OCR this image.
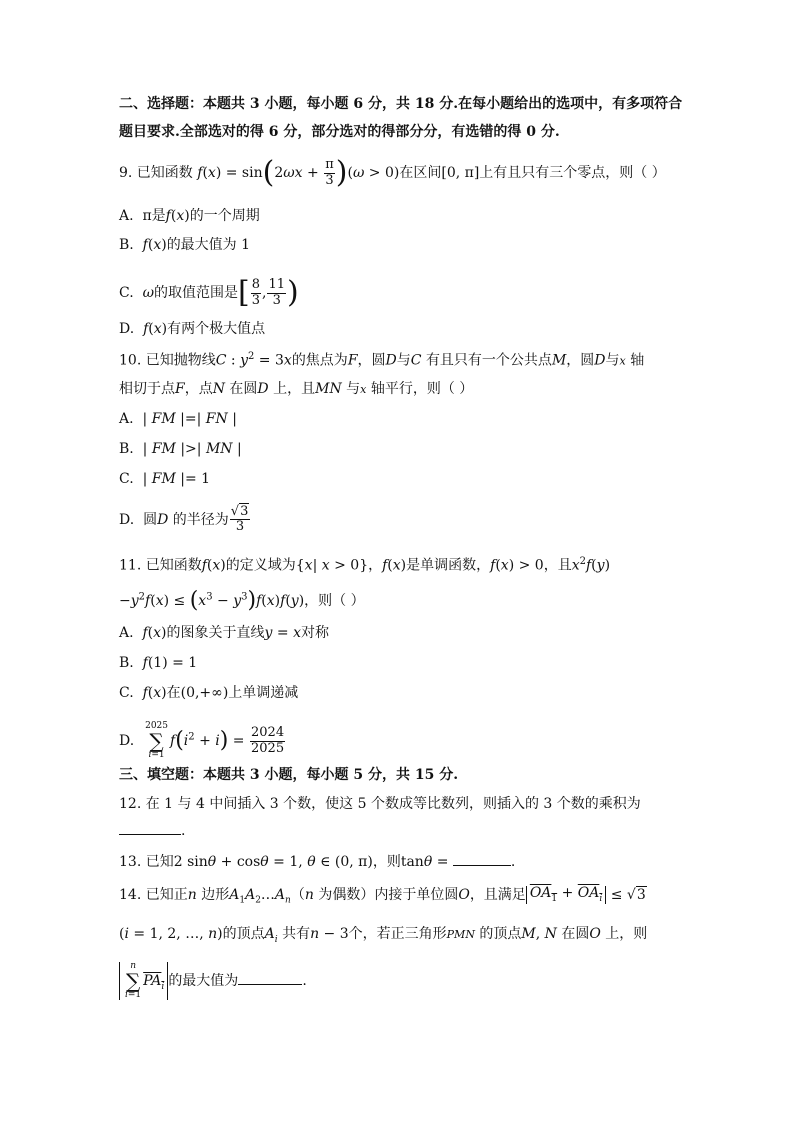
二、选择题：本题共 3 小题，每小题 6 分，共 18 分.在每小题给出的选项中，有多项符合
题目要求.全部选对的得 6 分，部分选对的得部分分，有选错的得 0 分.
9. 已知函数 $f(x) = \sin(2\omega x + \frac{\pi}{3} )(\omega > 0)$在区间[0, π]上有且只有三个零点，则（ ）
A.  π是f(x)的一个周期
B. f(x)的最大值为 1
C. ω的取值范围是[ $\frac{8}{3}$ , $\frac{11}{3}$ )
D. f(x)有两个极大值点
10. 已知抛物线C : $y^2 = 3x$的焦点为F，圆D与C 有且只有一个公共点M，圆D与x 轴
相切于点F，点N 在圆D 上，且MN 与x 轴平行，则（ ）
A.  | FM |=| FN |
B.  | FM |>| MN |
C.  | FM |= 1
D. 圆D 的半径为 $\frac{√3}{3}$
11. 已知函数f(x)的定义域为{x| x > 0}，f(x)是单调函数，f(x) > 0，且$x^2f(y)$
$-y^2f(x) \le (x^3 - y^3)f(x)f(y)$，则（ ）
A. f(x)的图象关于直线y = x对称
B. f(1) = 1
C. f(x)在(0,+∞)上单调递减
D.  2025
∑
$i=1f(i^2 + i) = \frac{2024}{2025}$
三、填空题：本题共 3 小题，每小题 5 分，共 15 分.
12. 在 1 与 4 中间插入 3 个数，使这 5 个数成等比数列，则插入的 3 个数的乘积为
.
13. 已知2 sinθ + cosθ = 1, θ ∈ (0, π)，则tanθ =	.
14. 已知正n 边形$A_1A_2\dots A_n(n$ 为偶数）内接于单位圆O，且满足 $OA_1 + OA_i \le √3$
(i = 1, 2, …, n)的顶点$A_i$ 共有n − 3个，若正三角形PMN 的顶点M, N 在圆O 上，则
n
∑
$i=1PA_i$ 的最大值为	.
